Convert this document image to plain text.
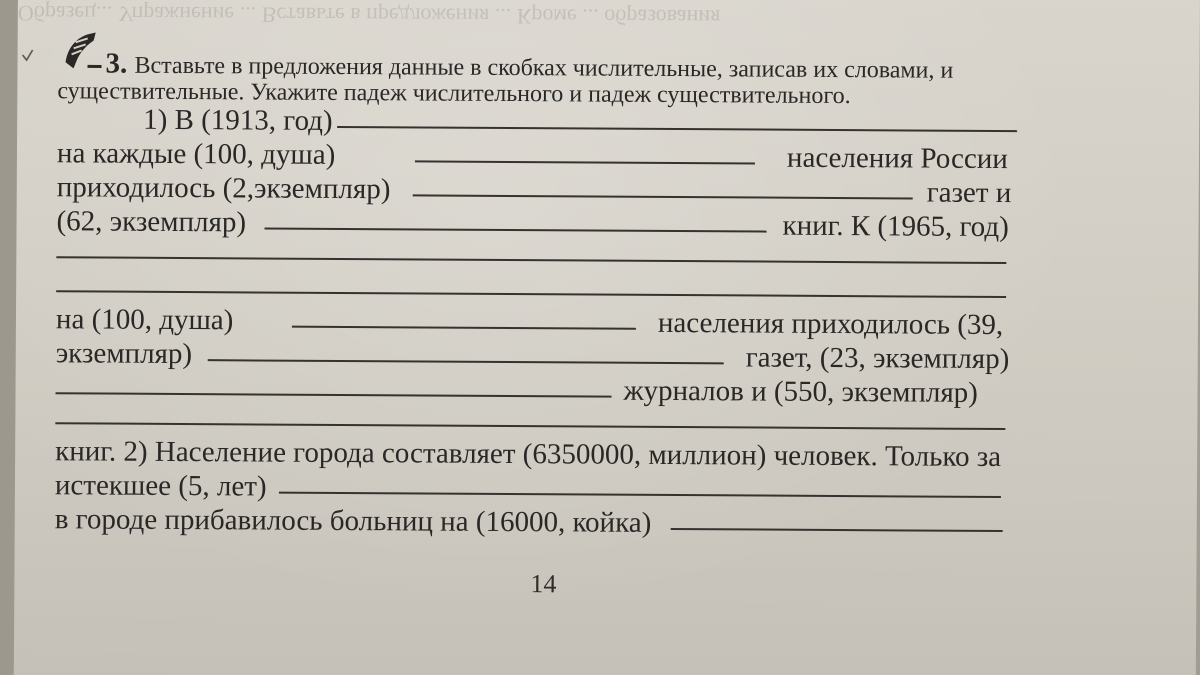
Образец... Упражнение ... Вставьте в предложения ... Кроме ... образования
3. Вставьте в предложения данные в скобках числительные, записав их словами, и
существительные. Укажите падеж числительного и падеж существительного.
1) В (1913, год)
на каждые (100, душа)	населения России
приходилось (2,экземпляр)	газет и
(62, экземпляр)	книг. К (1965, год)
на (100, душа)	населения приходилось (39,
экземпляр)	газет, (23, экземпляр)
журналов и (550, экземпляр)
книг. 2) Население города составляет (6350000, миллион) человек. Только за
истекшее (5, лет)
в городе прибавилось больниц на (16000, койка)
14
